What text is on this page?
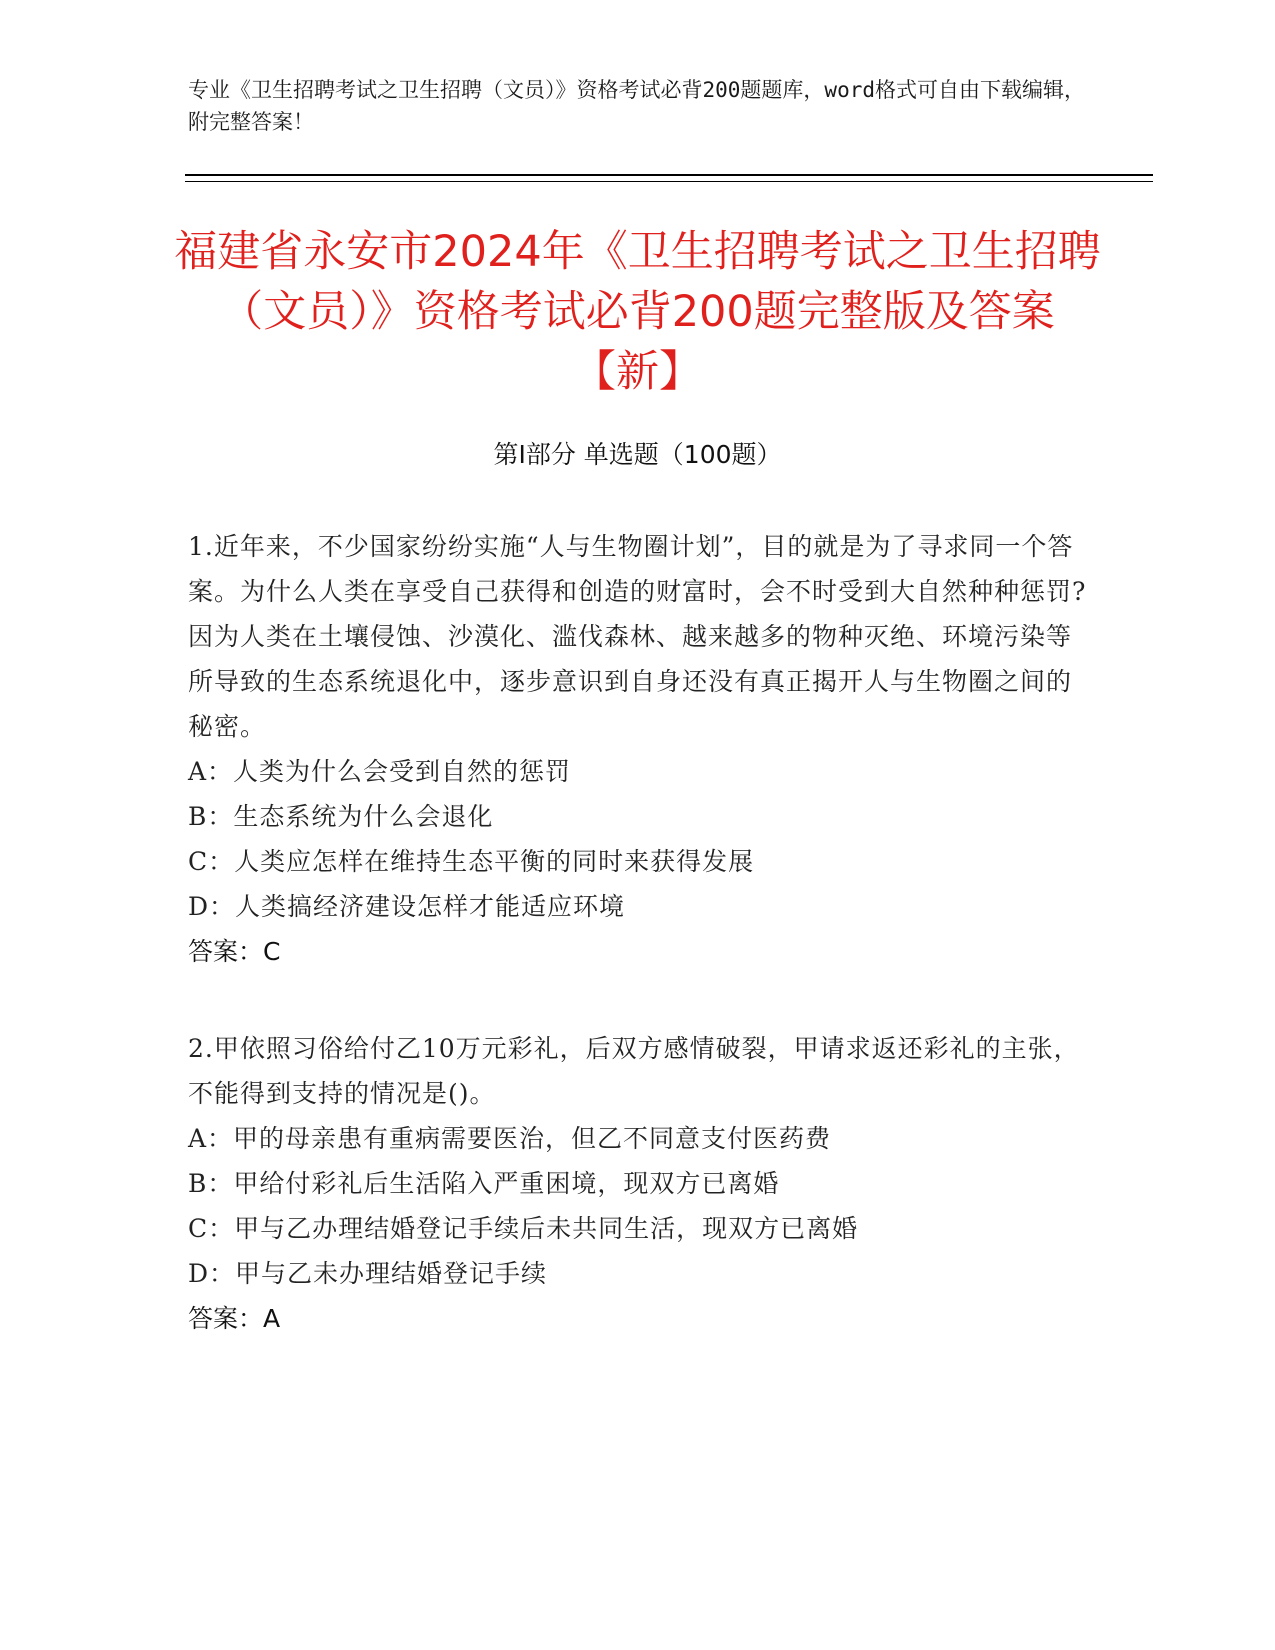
专业《卫生招聘考试之卫生招聘（文员）》资格考试必背200题题库，word格式可自由下载编辑，附完整答案！
福建省永安市2024年《卫生招聘考试之卫生招聘（文员）》资格考试必背200题完整版及答案【新】
第I部分 单选题（100题）

1.近年来，不少国家纷纷实施“人与生物圈计划”，目的就是为了寻求同一个答案。为什么人类在享受自己获得和创造的财富时，会不时受到大自然种种惩罚?因为人类在土壤侵蚀、沙漠化、滥伐森林、越来越多的物种灭绝、环境污染等所导致的生态系统退化中，逐步意识到自身还没有真正揭开人与生物圈之间的秘密。

A：人类为什么会受到自然的惩罚

B：生态系统为什么会退化

C：人类应怎样在维持生态平衡的同时来获得发展

D：人类搞经济建设怎样才能适应环境

答案：C

2.甲依照习俗给付乙10万元彩礼，后双方感情破裂，甲请求返还彩礼的主张，不能得到支持的情况是()。

A：甲的母亲患有重病需要医治，但乙不同意支付医药费

B：甲给付彩礼后生活陷入严重困境，现双方已离婚

C：甲与乙办理结婚登记手续后未共同生活，现双方已离婚

D：甲与乙未办理结婚登记手续

答案：A
